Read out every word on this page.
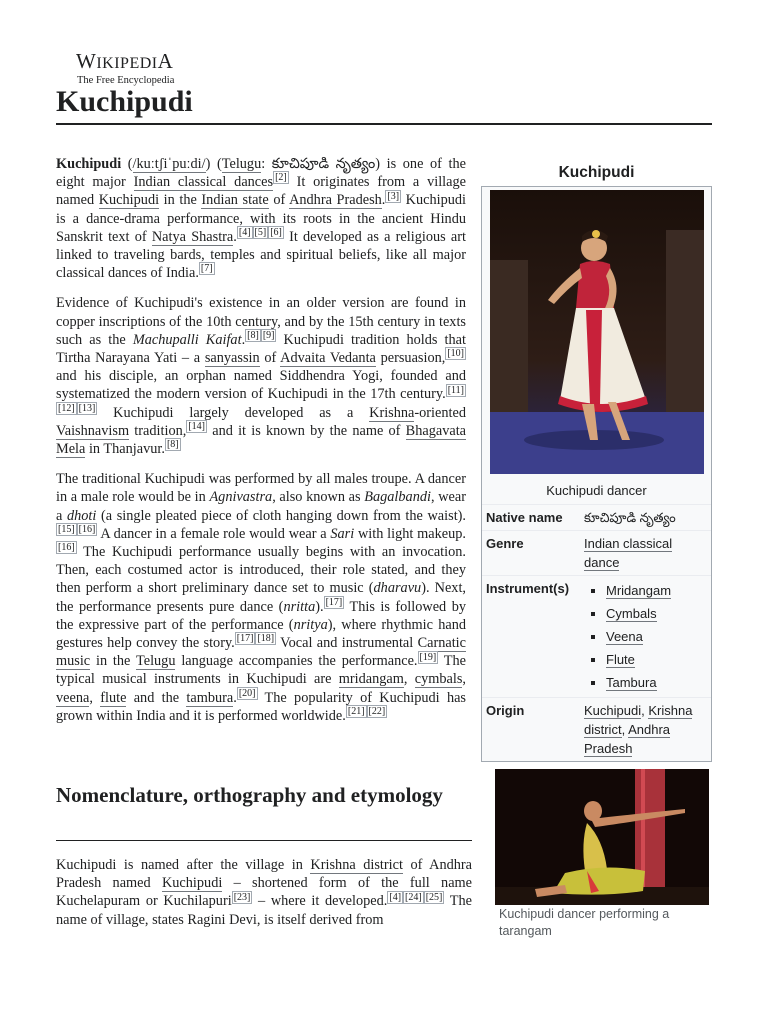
WIKIPEDIA
The Free Encyclopedia
Kuchipudi

Kuchipudi (/kuːtʃiˈpuːdi/) (Telugu: కూచిపూడి నృత్యం) is one of the eight major Indian classical dances [2] It originates from a village named Kuchipudi in the Indian state of Andhra Pradesh. [3] Kuchipudi is a dance-drama performance, with its roots in the ancient Hindu Sanskrit text of Natya Shastra. [4] [5] [6] It developed as a religious art linked to traveling bards, temples and spiritual beliefs, like all major classical dances of India. [7]

Evidence of Kuchipudi's existence in an older version are found in copper inscriptions of the 10th century, and by the 15th century in texts such as the Machupalli Kaifat. [8] [9] Kuchipudi tradition holds that Tirtha Narayana Yati – a sanyassin of Advaita Vedanta persuasion, [10] and his disciple, an orphan named Siddhendra Yogi, founded and systematized the modern version of Kuchipudi in the 17th century. [11][12] [13] Kuchipudi largely developed as a Krishna-oriented Vaishnavism tradition, [14] and it is known by the name of Bhagavata Mela in Thanjavur. [8]

The traditional Kuchipudi was performed by all males troupe. A dancer in a male role would be in Agnivastra, also known as Bagalbandi, wear a dhoti (a single pleated piece of cloth hanging down from the waist).[15] [16] A dancer in a female role would wear a Sari with light makeup.[16] The Kuchipudi performance usually begins with an invocation. Then, each costumed actor is introduced, their role stated, and they then perform a short preliminary dance set to music (dharavu). Next, the performance presents pure dance (nritta). [17] This is followed by the expressive part of the performance (nritya), where rhythmic hand gestures help convey the story. [17] [18] Vocal and instrumental Carnatic music in the Telugu language accompanies the performance. [19] The typical musical instruments in Kuchipudi are mridangam, cymbals, veena, flute and the tambura. [20] The popularity of Kuchipudi has grown within India and it is performed worldwide. [21] [22]

Nomenclature, orthography and etymology

Kuchipudi is named after the village in Krishna district of Andhra Pradesh named Kuchipudi – shortened form of the full name Kuchelapuram or Kuchilapuri [23] – where it developed. [4] [24] [25] The name of village, states Ragini Devi, is itself derived from

Kuchipudi
Kuchipudi dancer
Native name	కూచిపూడి నృత్యం
Genre	Indian classical dance
Instrument(s)
▪	Mridangam
▪ Cymbals
▪ Veena
▪ Flute
▪ Tambura
Origin	Kuchipudi, Krishna district, Andhra Pradesh
Kuchipudi dancer performing a tarangam
